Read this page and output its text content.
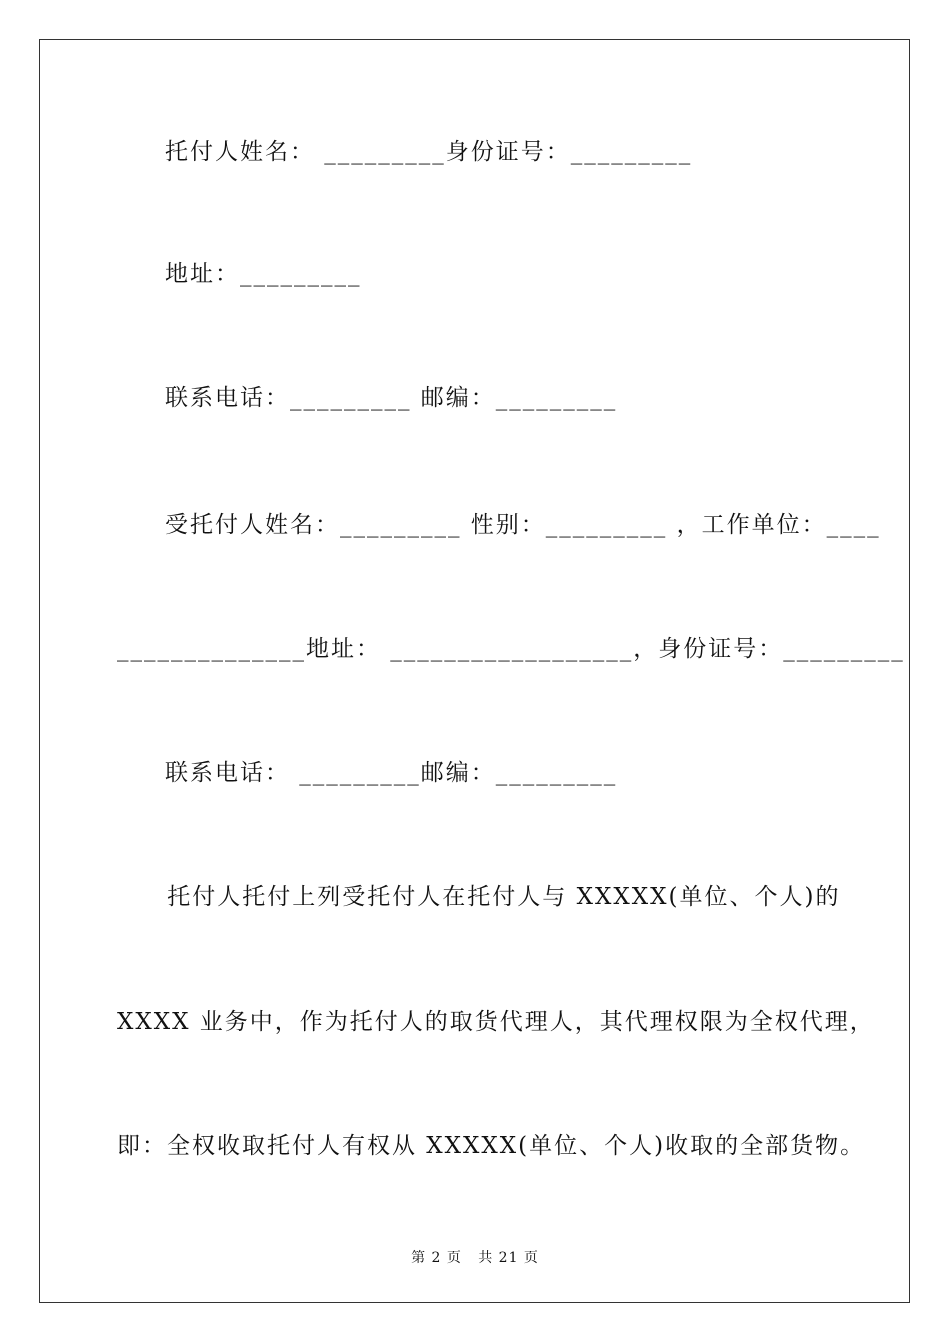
托付人姓名： _________身份证号：_________
地址：_________
联系电话：_________ 邮编：_________
受托付人姓名：_________ 性别：_________ ，工作单位：____
______________地址： __________________，身份证号：_________
联系电话： _________邮编：_________
托付人托付上列受托付人在托付人与 XXXXX(单位、个人)的
XXXX 业务中，作为托付人的取货代理人，其代理权限为全权代理，
即：全权收取托付人有权从 XXXXX(单位、个人)收取的全部货物。
第 2 页   共 21 页
